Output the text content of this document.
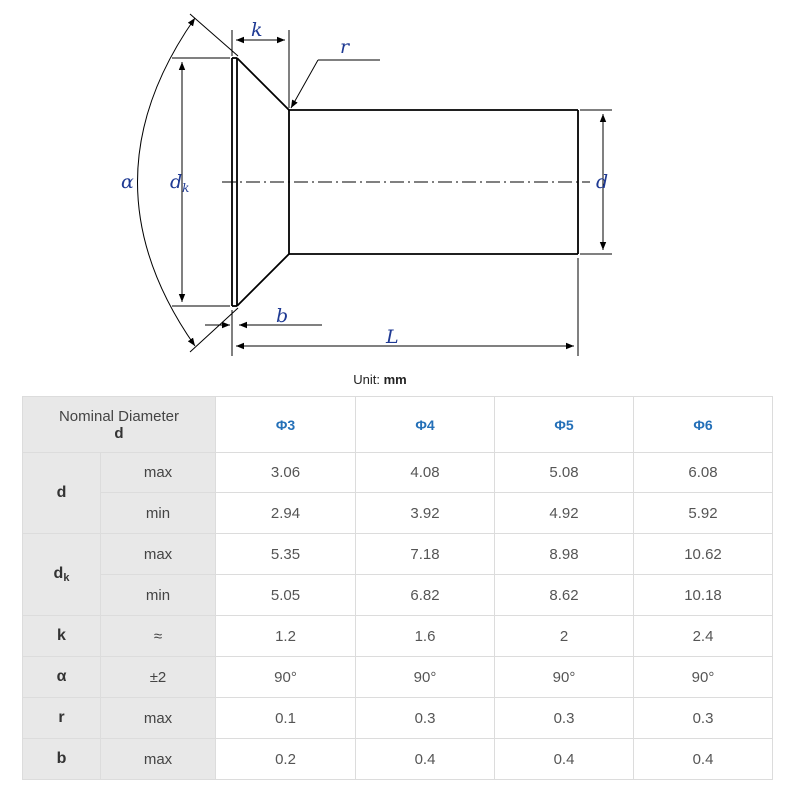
α $d_k$
k
r
d
b
L
Unit: mm
Nominal Diameter
d		Φ3	Φ4	Φ5	Φ6
d	max	3.06	4.08	5.08	6.08
	min	2.94	3.92	4.92	5.92
$d_k$	max	5.35	7.18	8.98	10.62
	min	5.05	6.82	8.62	10.18
k	≈	1.2	1.6	2	2.4
α	±2	90°	90°	90°	90°
r	max	0.1	0.3	0.3	0.3
b	max	0.2	0.4	0.4	0.4
